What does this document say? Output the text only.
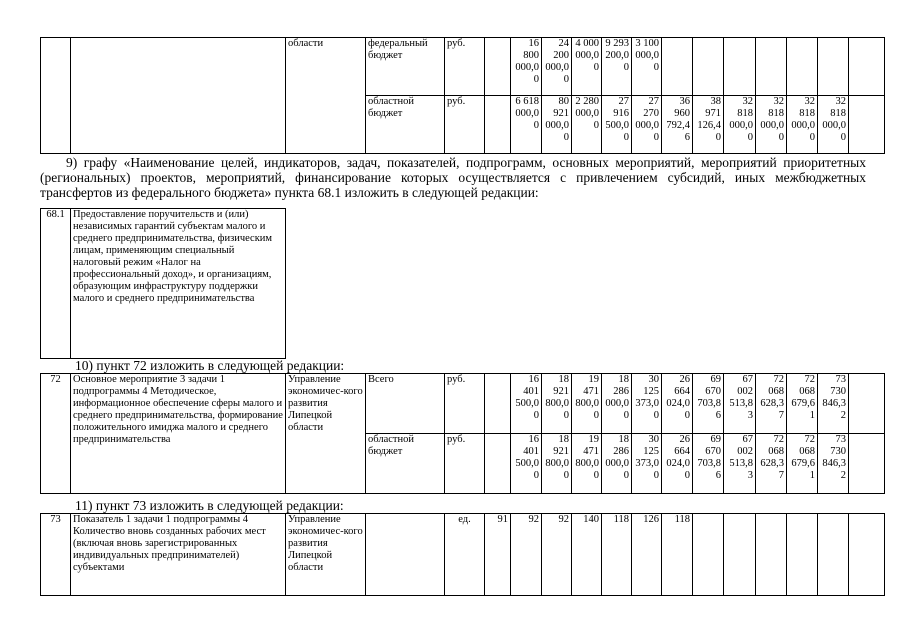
		области	федеральный бюджет	руб.		16 800 000,0 0	24 200 000,0 0	4 000 000,0 0	9 293 200,0 0	3 100 000,0 0							
			областной бюджет	руб.		6 618 000,0 0	80 921 000,0 0	2 280 000,0 0	27 916 500,0 0	27 270 000,0 0	36 960 792,4 6	38 971 126,4 0	32 818 000,00	32 818 000,0 0	32 818 000,0 0	32 818 000,0 0	
9) графу «Наименование целей, индикаторов, задач, показателей, подпрограмм, основных мероприятий, мероприятий приоритетных (региональных) проектов, мероприятий, финансирование которых осуществляется с привлечением субсидий, иных межбюджетных трансфертов из федерального бюджета» пункта 68.1 изложить в следующей редакции:
68.1	Предоставление поручительств и (или) независимых гарантий субъектам малого и среднего предпринимательства, физическим лицам, применяющим специальный налоговый режим «Налог на профессиональный доход», и организациям, образующим инфраструктуру поддержки малого и среднего предпринимательства
10) пункт 72 изложить в следующей редакции:
72	Основное мероприятие 3 задачи 1 подпрограммы 4 Методическое, информационное обеспечение сферы малого и среднего предпринимательства, формирование положительного имиджа малого и среднего предпринимательства	Управление экономичес-кого развития Липецкой области	Всего	руб.		16 401 500,0 0	18 921 800,0 0	19 471 800,0 0	18 286 000,0 0	30 125 373,0 0	26 664 024,0 0	69 670 703,8 6	67 002 513,83	72 068 628,3 7	72 068 679,6 1	73 730 846,3 2	
			областной бюджет	руб.		16 401 500,0 0	18 921 800,0 0	19 471 800,0 0	18 286 000,0 0	30 125 373,0 0	26 664 024,0 0	69 670 703,8 6	67 002 513,83	72 068 628,3 7	72 068 679,6 1	73 730 846,3 2	
11) пункт 73 изложить в следующей редакции:
73	Показатель 1 задачи 1 подпрограммы 4 Количество вновь созданных рабочих мест (включая вновь зарегистрированных индивидуальных предпринимателей) субъектами	Управление экономичес-кого развития Липецкой области		ед.	91	92	92	140	118	126	118						
